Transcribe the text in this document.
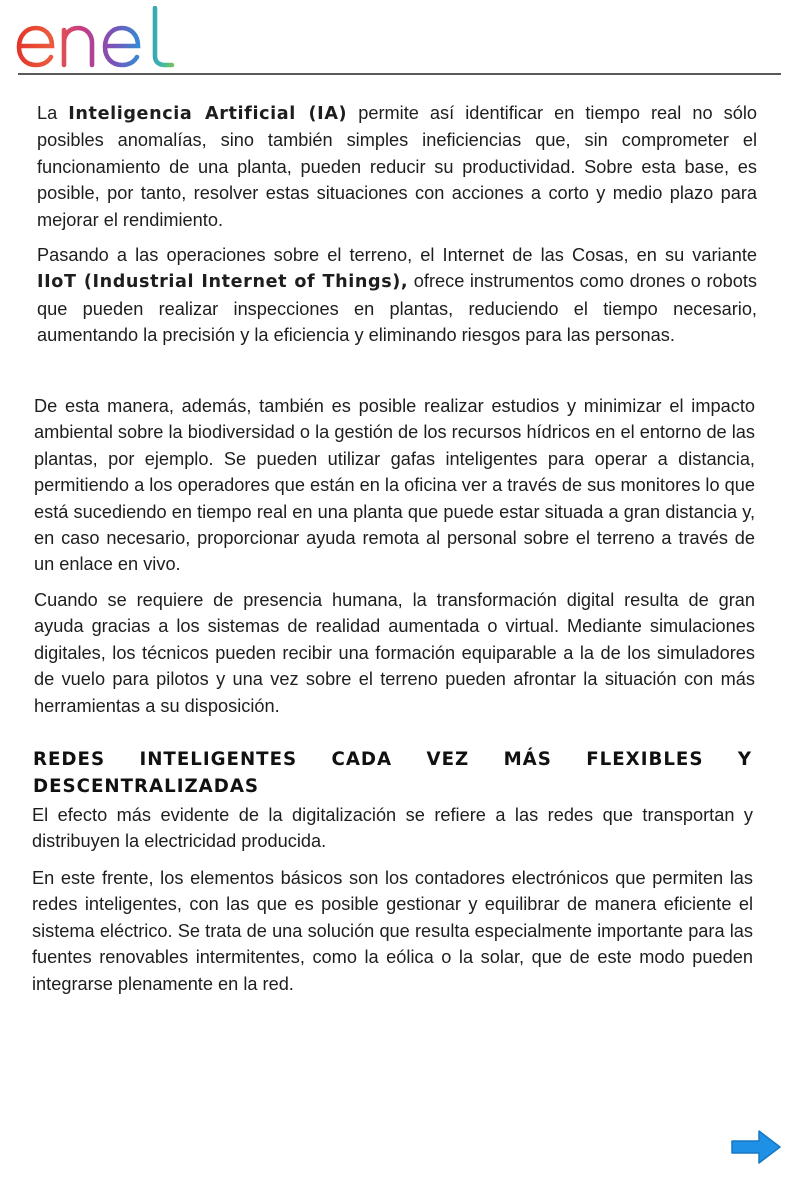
La Inteligencia Artificial (IA) permite así identificar en tiempo real no sólo posibles anomalías, sino también simples ineficiencias que, sin comprometer el funcionamiento de una planta, pueden reducir su productividad. Sobre esta base, es posible, por tanto, resolver estas situaciones con acciones a corto y medio plazo para mejorar el rendimiento.

Pasando a las operaciones sobre el terreno, el Internet de las Cosas, en su variante IIoT (Industrial Internet of Things), ofrece instrumentos como drones o robots que pueden realizar inspecciones en plantas, reduciendo el tiempo necesario, aumentando la precisión y la eficiencia y eliminando riesgos para las personas.

De esta manera, además, también es posible realizar estudios y minimizar el impacto ambiental sobre la biodiversidad o la gestión de los recursos hídricos en el entorno de las plantas, por ejemplo. Se pueden utilizar gafas inteligentes para operar a distancia, permitiendo a los operadores que están en la oficina ver a través de sus monitores lo que está sucediendo en tiempo real en una planta que puede estar situada a gran distancia y, en caso necesario, proporcionar ayuda remota al personal sobre el terreno a través de un enlace en vivo.

Cuando se requiere de presencia humana, la transformación digital resulta de gran ayuda gracias a los sistemas de realidad aumentada o virtual. Mediante simulaciones digitales, los técnicos pueden recibir una formación equiparable a la de los simuladores de vuelo para pilotos y una vez sobre el terreno pueden afrontar la situación con más herramientas a su disposición.

REDES INTELIGENTES CADA VEZ MÁS FLEXIBLES Y DESCENTRALIZADAS

El efecto más evidente de la digitalización se refiere a las redes que transportan y distribuyen la electricidad producida.

En este frente, los elementos básicos son los contadores electrónicos que permiten las redes inteligentes, con las que es posible gestionar y equilibrar de manera eficiente el sistema eléctrico. Se trata de una solución que resulta especialmente importante para las fuentes renovables intermitentes, como la eólica o la solar, que de este modo pueden integrarse plenamente en la red.
